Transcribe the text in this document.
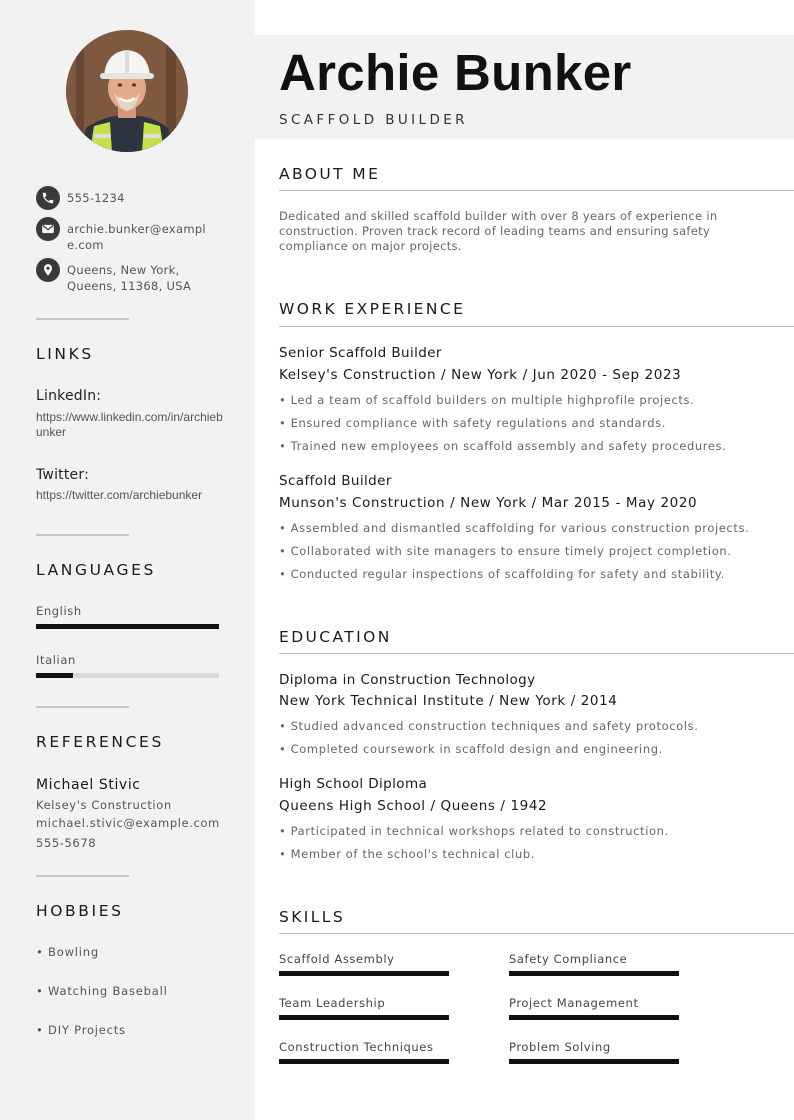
555-1234
archie.bunker@example.com
Queens, New York, Queens, 11368, USA
LINKS
LinkedIn:
https://www.linkedin.com/in/archiebunker
Twitter:
https://twitter.com/archiebunker
LANGUAGES
English
Italian
REFERENCES
Michael Stivic
Kelsey's Construction
michael.stivic@example.com
555-5678
HOBBIES
• Bowling
• Watching Baseball
• DIY Projects
Archie Bunker
SCAFFOLD BUILDER
ABOUT ME
Dedicated and skilled scaffold builder with over 8 years of experience in construction. Proven track record of leading teams and ensuring safety compliance on major projects.
WORK EXPERIENCE
Senior Scaffold Builder
Kelsey's Construction / New York / Jun 2020 - Sep 2023
• Led a team of scaffold builders on multiple highprofile projects.
• Ensured compliance with safety regulations and standards.
• Trained new employees on scaffold assembly and safety procedures.
Scaffold Builder
Munson's Construction / New York / Mar 2015 - May 2020
• Assembled and dismantled scaffolding for various construction projects.
• Collaborated with site managers to ensure timely project completion.
• Conducted regular inspections of scaffolding for safety and stability.
EDUCATION
Diploma in Construction Technology
New York Technical Institute / New York / 2014
• Studied advanced construction techniques and safety protocols.
• Completed coursework in scaffold design and engineering.
High School Diploma
Queens High School / Queens / 1942
• Participated in technical workshops related to construction.
• Member of the school's technical club.
SKILLS
Scaffold Assembly	Safety Compliance
Team Leadership	Project Management
Construction Techniques	Problem Solving
